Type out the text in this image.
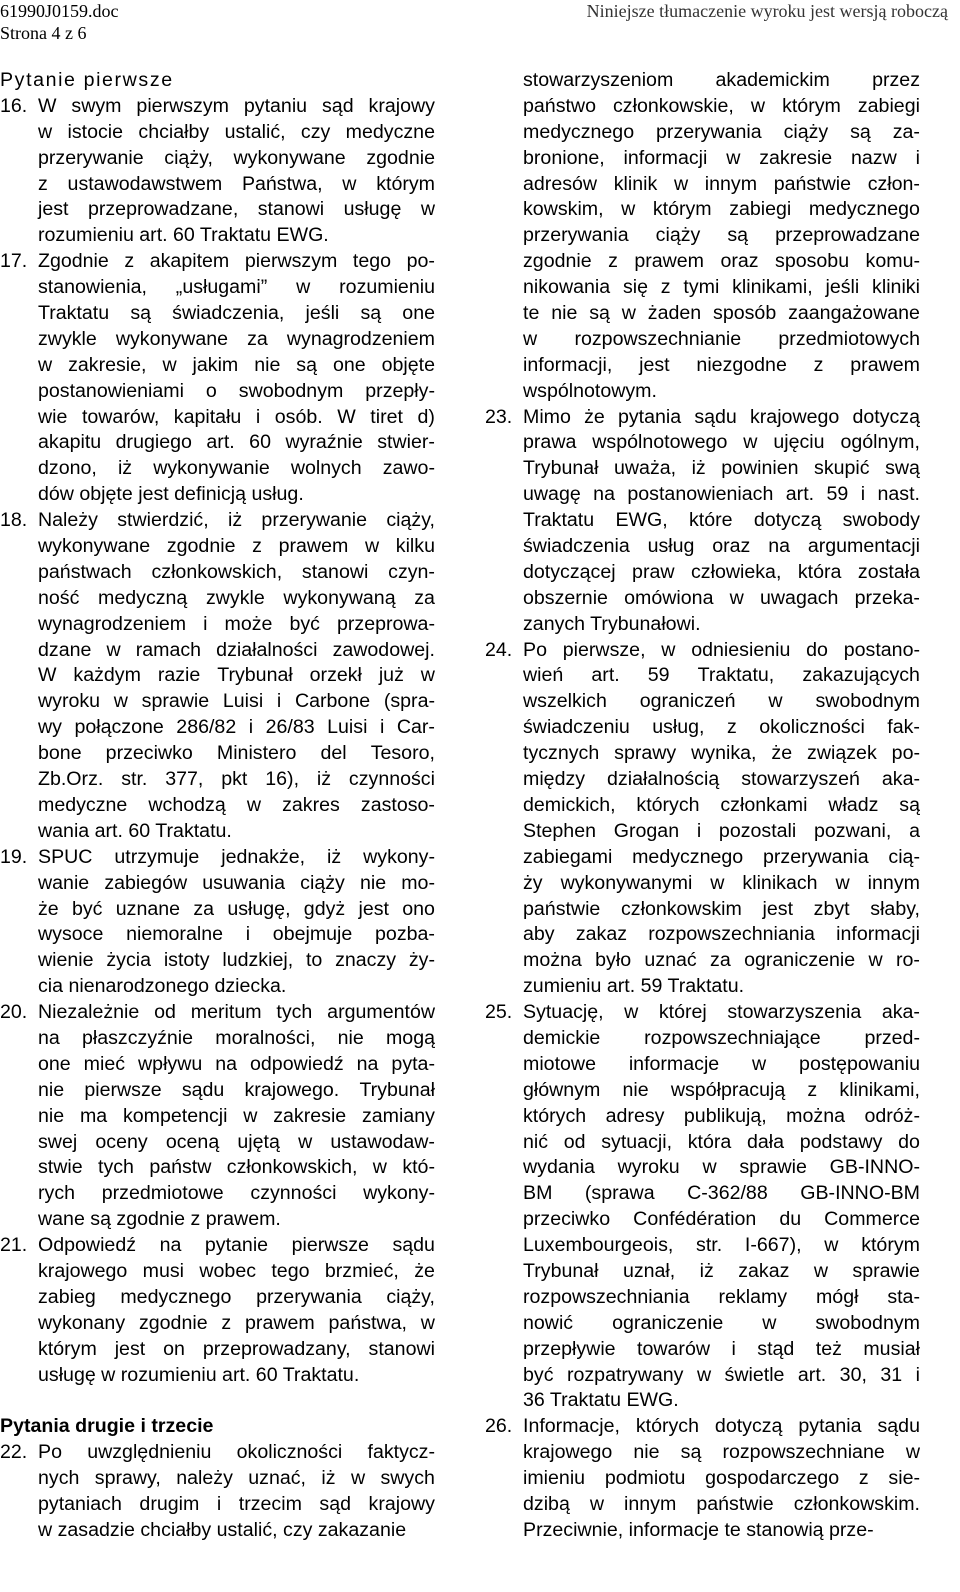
61990J0159.doc
Strona 4 z 6
Niniejsze tłumaczenie wyroku jest wersją roboczą
Pytanie pierwsze
16. W swym pierwszym pytaniu sąd krajowy
w istocie chciałby ustalić, czy medyczne
przerywanie ciąży, wykonywane zgodnie
z ustawodawstwem Państwa, w którym
jest przeprowadzane, stanowi usługę w
rozumieniu art. 60 Traktatu EWG.
17. Zgodnie z akapitem pierwszym tego po-
stanowienia, „usługami” w rozumieniu
Traktatu są świadczenia, jeśli są one
zwykle wykonywane za wynagrodzeniem
w zakresie, w jakim nie są one objęte
postanowieniami o swobodnym przepły-
wie towarów, kapitału i osób. W tiret d)
akapitu drugiego art. 60 wyraźnie stwier-
dzono, iż wykonywanie wolnych zawo-
dów objęte jest definicją usług.
18. Należy stwierdzić, iż przerywanie ciąży,
wykonywane zgodnie z prawem w kilku
państwach członkowskich, stanowi czyn-
ność medyczną zwykle wykonywaną za
wynagrodzeniem i może być przeprowa-
dzane w ramach działalności zawodowej.
W każdym razie Trybunał orzekł już w
wyroku w sprawie Luisi i Carbone (spra-
wy połączone 286/82 i 26/83 Luisi i Car-
bone przeciwko Ministero del Tesoro,
Zb.Orz. str. 377, pkt 16), iż czynności
medyczne wchodzą w zakres zastoso-
wania art. 60 Traktatu.
19. SPUC utrzymuje jednakże, iż wykony-
wanie zabiegów usuwania ciąży nie mo-
że być uznane za usługę, gdyż jest ono
wysoce niemoralne i obejmuje pozba-
wienie życia istoty ludzkiej, to znaczy ży-
cia nienarodzonego dziecka.
20. Niezależnie od meritum tych argumentów
na płaszczyźnie moralności, nie mogą
one mieć wpływu na odpowiedź na pyta-
nie pierwsze sądu krajowego. Trybunał
nie ma kompetencji w zakresie zamiany
swej oceny oceną ujętą w ustawodaw-
stwie tych państw członkowskich, w któ-
rych przedmiotowe czynności wykony-
wane są zgodnie z prawem.
21. Odpowiedź na pytanie pierwsze sądu
krajowego musi wobec tego brzmieć, że
zabieg medycznego przerywania ciąży,
wykonany zgodnie z prawem państwa, w
którym jest on przeprowadzany, stanowi
usługę w rozumieniu art. 60 Traktatu.
Pytania drugie i trzecie
22. Po uwzględnieniu okoliczności faktycz-
nych sprawy, należy uznać, iż w swych
pytaniach drugim i trzecim sąd krajowy
w zasadzie chciałby ustalić, czy zakazanie
stowarzyszeniom akademickim przez
państwo członkowskie, w którym zabiegi
medycznego przerywania ciąży są za-
bronione, informacji w zakresie nazw i
adresów klinik w innym państwie człon-
kowskim, w którym zabiegi medycznego
przerywania ciąży są przeprowadzane
zgodnie z prawem oraz sposobu komu-
nikowania się z tymi klinikami, jeśli kliniki
te nie są w żaden sposób zaangażowane
w rozpowszechnianie przedmiotowych
informacji, jest niezgodne z prawem
wspólnotowym.
23. Mimo że pytania sądu krajowego dotyczą
prawa wspólnotowego w ujęciu ogólnym,
Trybunał uważa, iż powinien skupić swą
uwagę na postanowieniach art. 59 i nast.
Traktatu EWG, które dotyczą swobody
świadczenia usług oraz na argumentacji
dotyczącej praw człowieka, która została
obszernie omówiona w uwagach przeka-
zanych Trybunałowi.
24. Po pierwsze, w odniesieniu do postano-
wień art. 59 Traktatu, zakazujących
wszelkich ograniczeń w swobodnym
świadczeniu usług, z okoliczności fak-
tycznych sprawy wynika, że związek po-
między działalnością stowarzyszeń aka-
demickich, których członkami władz są
Stephen Grogan i pozostali pozwani, a
zabiegami medycznego przerywania cią-
ży wykonywanymi w klinikach w innym
państwie członkowskim jest zbyt słaby,
aby zakaz rozpowszechniania informacji
można było uznać za ograniczenie w ro-
zumieniu art. 59 Traktatu.
25. Sytuację, w której stowarzyszenia aka-
demickie rozpowszechniające przed-
miotowe informacje w postępowaniu
głównym nie współpracują z klinikami,
których adresy publikują, można odróż-
nić od sytuacji, która dała podstawy do
wydania wyroku w sprawie GB-INNO-
BM (sprawa C-362/88 GB-INNO-BM
przeciwko Confédération du Commerce
Luxembourgeois, str. I-667), w którym
Trybunał uznał, iż zakaz w sprawie
rozpowszechniania reklamy mógł sta-
nowić ograniczenie w swobodnym
przepływie towarów i stąd też musiał
być rozpatrywany w świetle art. 30, 31 i
36 Traktatu EWG.
26. Informacje, których dotyczą pytania sądu
krajowego nie są rozpowszechniane w
imieniu podmiotu gospodarczego z sie-
dzibą w innym państwie członkowskim.
Przeciwnie, informacje te stanowią prze-
